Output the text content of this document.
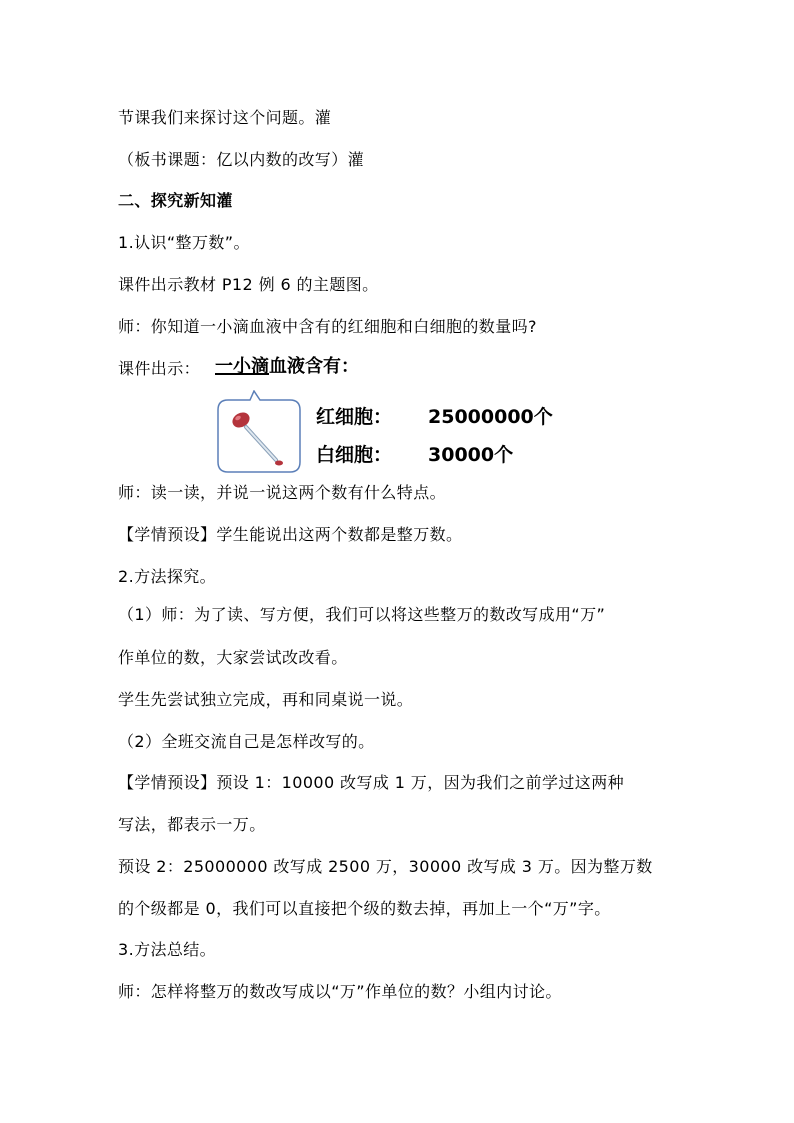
节课我们来探讨这个问题。灌
（板书课题：亿以内数的改写）灌
二、探究新知灌
1.认识“整万数”。
课件出示教材 P12 例 6 的主题图。
师：你知道一小滴血液中含有的红细胞和白细胞的数量吗?
课件出示： 一小滴血液含有：
红细胞： 25000000个
白细胞： 30000个
师：读一读，并说一说这两个数有什么特点。
【学情预设】学生能说出这两个数都是整万数。
2.方法探究。
（1）师：为了读、写方便，我们可以将这些整万的数改写成用“万”
作单位的数，大家尝试改改看。
学生先尝试独立完成，再和同桌说一说。
（2）全班交流自己是怎样改写的。
【学情预设】预设 1：10000 改写成 1 万，因为我们之前学过这两种
写法，都表示一万。
预设 2：25000000 改写成 2500 万，30000 改写成 3 万。因为整万数
的个级都是 0，我们可以直接把个级的数去掉，再加上一个“万”字。
3.方法总结。
师：怎样将整万的数改写成以“万”作单位的数？小组内讨论。
